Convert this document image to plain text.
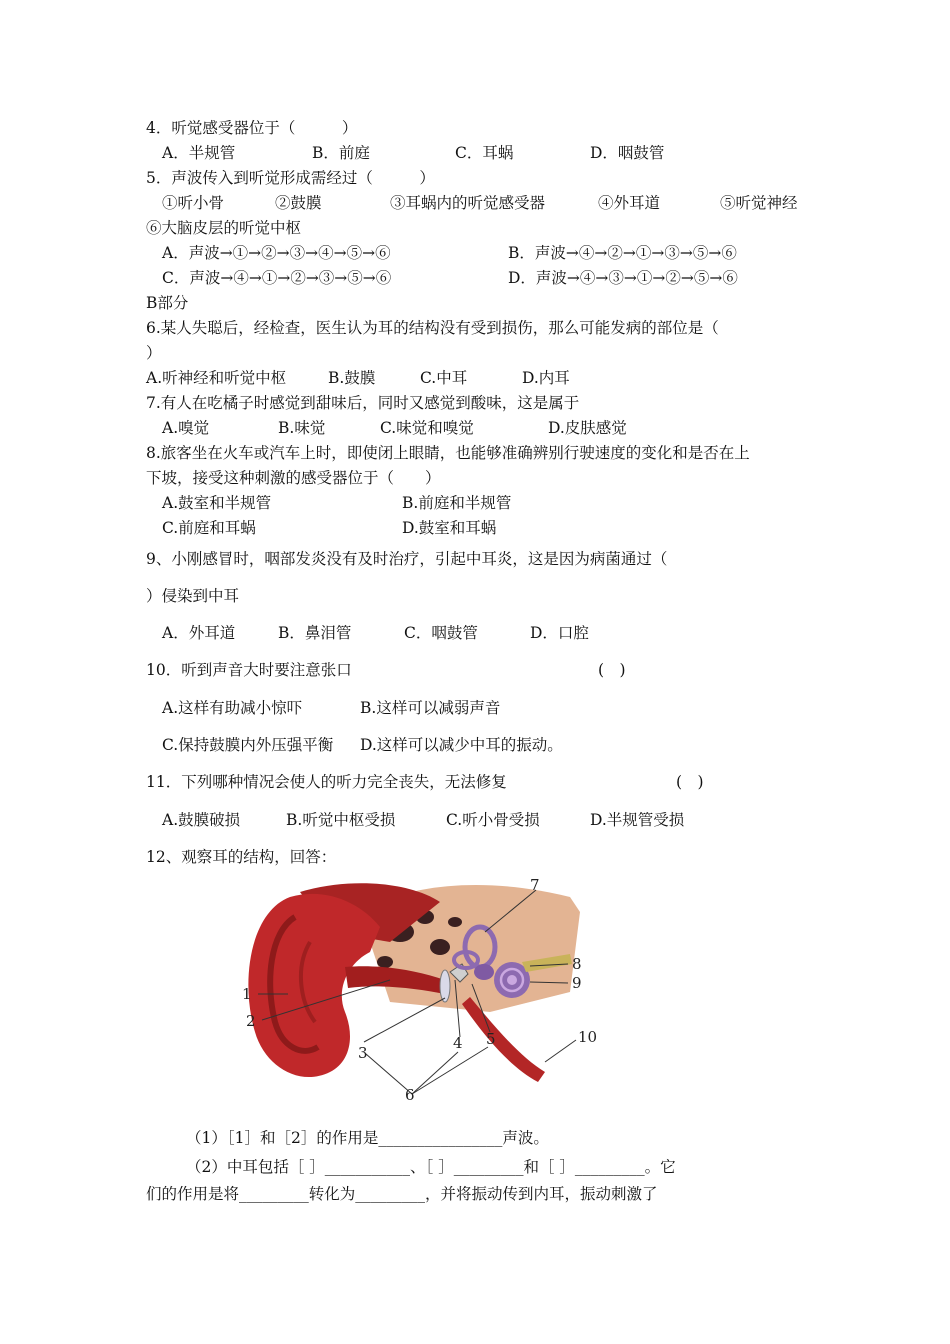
4．听觉感受器位于（　　　）
A．半规管	B．前庭	C．耳蜗	D．咽鼓管
5．声波传入到听觉形成需经过（　　　）
①听小骨	②鼓膜	③耳蜗内的听觉感受器	④外耳道	⑤听觉神经
⑥大脑皮层的听觉中枢
A．声波→①→②→③→④→⑤→⑥	B．声波→④→②→①→③→⑤→⑥
C．声波→④→①→②→③→⑤→⑥	D．声波→④→③→①→②→⑤→⑥
B部分
6.某人失聪后，经检查，医生认为耳的结构没有受到损伤，那么可能发病的部位是（
）
A.听神经和听觉中枢	B.鼓膜	C.中耳	D.内耳
7.有人在吃橘子时感觉到甜味后，同时又感觉到酸味，这是属于
A.嗅觉	B.味觉	C.味觉和嗅觉	D.皮肤感觉
8.旅客坐在火车或汽车上时，即使闭上眼睛，也能够准确辨别行驶速度的变化和是否在上
下坡，接受这种刺激的感受器位于（　　）
A.鼓室和半规管	B.前庭和半规管
C.前庭和耳蜗	D.鼓室和耳蜗
9、小刚感冒时，咽部发炎没有及时治疗，引起中耳炎，这是因为病菌通过（
）侵染到中耳
A．外耳道	B．鼻泪管	C．咽鼓管	D．口腔
10．听到声音大时要注意张口	(　)
A.这样有助减小惊吓	B.这样可以减弱声音
C.保持鼓膜内外压强平衡 D.这样可以减少中耳的振动。
11．下列哪种情况会使人的听力完全丧失，无法修复	(　)
A.鼓膜破损	B.听觉中枢受损	C.听小骨受损	D.半规管受损
12、观察耳的结构，回答：
1
2
3
4 5
6
7
8
9
10
（1）［1］和［2］的作用是________________声波。
（2）中耳包括［ ］___________、［ ］_________和［ ］_________。它
们的作用是将_________转化为_________，并将振动传到内耳，振动刺激了
